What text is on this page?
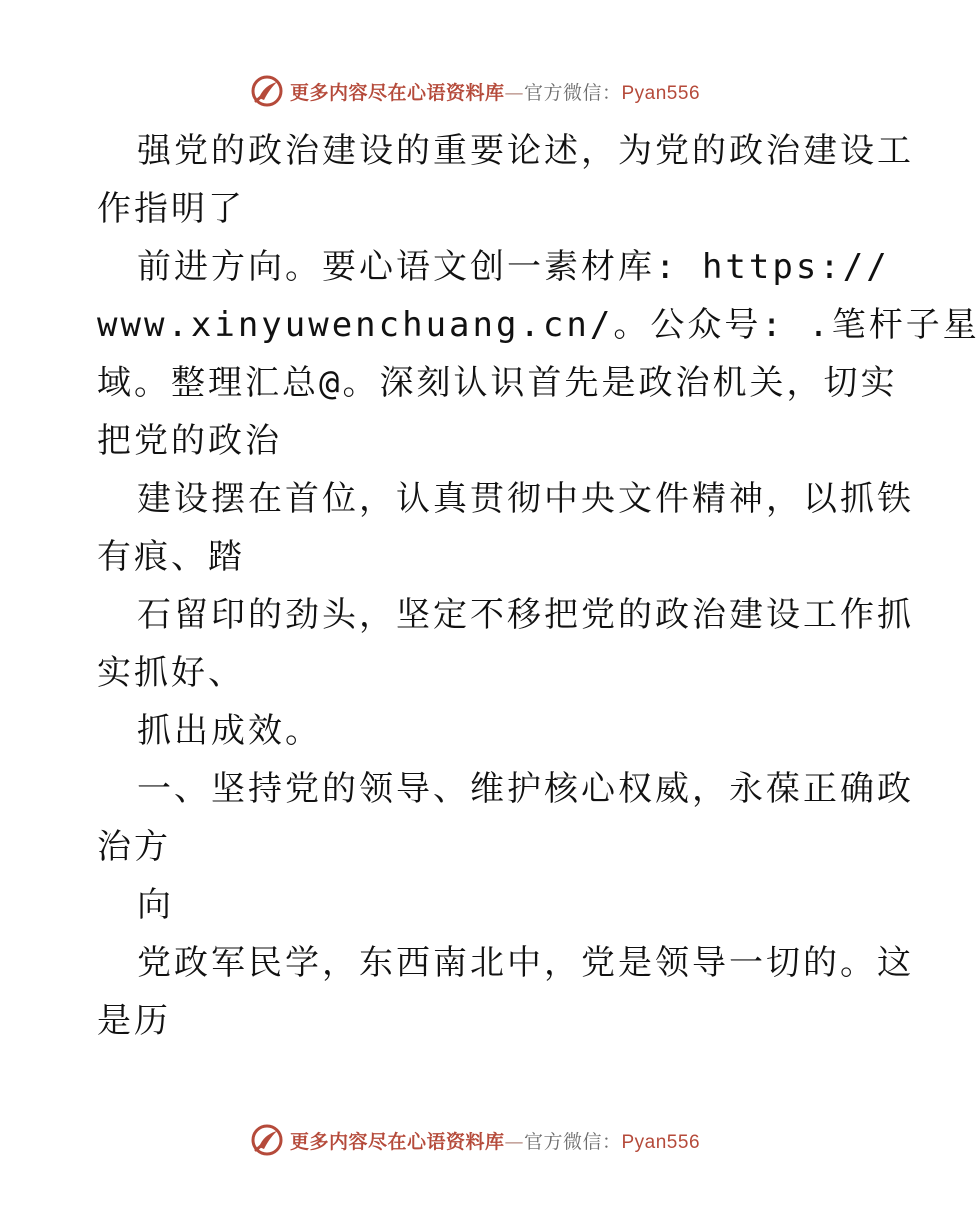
更多内容尽在心语资料库—官方微信：Pyan556
强党的政治建设的重要论述，为党的政治建设工
作指明了
前进方向。要心语文创一素材库: https://
www.xinyuwenchuang.cn/。公众号: .笔杆子星
域。整理汇总@。深刻认识首先是政治机关，切实
把党的政治
建设摆在首位，认真贯彻中央文件精神，以抓铁
有痕、踏
石留印的劲头，坚定不移把党的政治建设工作抓
实抓好、
抓出成效。
一、坚持党的领导、维护核心权威，永葆正确政
治方
向
党政军民学，东西南北中，党是领导一切的。这
是历
更多内容尽在心语资料库—官方微信：Pyan556
